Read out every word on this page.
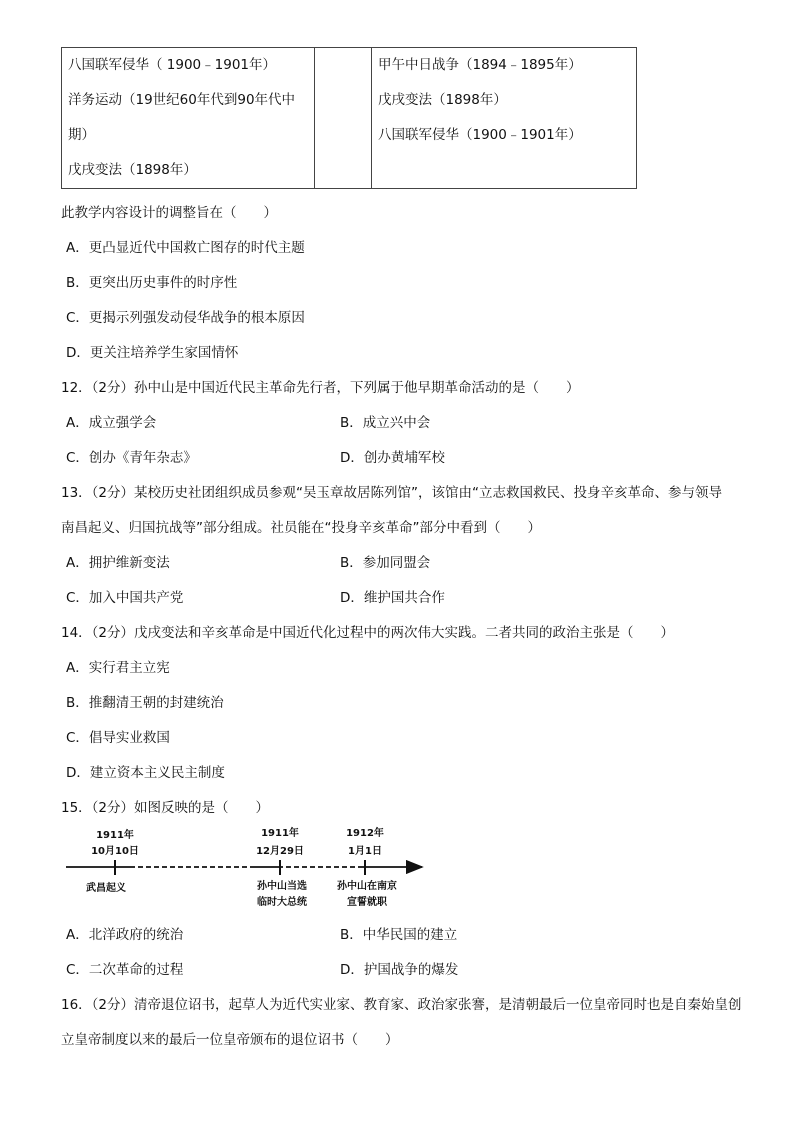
八国联军侵华（ 1900﹣1901年）
洋务运动（19世纪60年代到90年代中
期）
戊戌变法（1898年）

甲午中日战争（1894﹣1895年）
戊戌变法（1898年）
八国联军侵华（1900﹣1901年）
此教学内容设计的调整旨在（　　）
A．更凸显近代中国救亡图存的时代主题
B．更突出历史事件的时序性
C．更揭示列强发动侵华战争的根本原因
D．更关注培养学生家国情怀
12．（2分）孙中山是中国近代民主革命先行者，下列属于他早期革命活动的是（　　）
A．成立强学会	B．成立兴中会
C．创办《青年杂志》	D．创办黄埔军校
13．（2分）某校历史社团组织成员参观“吴玉章故居陈列馆”，该馆由“立志救国救民、投身辛亥革命、参与领导
南昌起义、归国抗战等”部分组成。社员能在“投身辛亥革命”部分中看到（　　）
A．拥护维新变法	B．参加同盟会
C．加入中国共产党	D．维护国共合作
14．（2分）戊戌变法和辛亥革命是中国近代化过程中的两次伟大实践。二者共同的政治主张是（　　）
A．实行君主立宪
B．推翻清王朝的封建统治
C．倡导实业救国
D．建立资本主义民主制度
15．（2分）如图反映的是（　　）
1911年
10月10日
武昌起义
1911年
12月29日
孙中山当选
临时大总统
1912年
1月1日
孙中山在南京
宣誓就职
A．北洋政府的统治	B．中华民国的建立
C．二次革命的过程	D．护国战争的爆发
16．（2分）清帝退位诏书，起草人为近代实业家、教育家、政治家张謇，是清朝最后一位皇帝同时也是自秦始皇创
立皇帝制度以来的最后一位皇帝颁布的退位诏书（　　）
